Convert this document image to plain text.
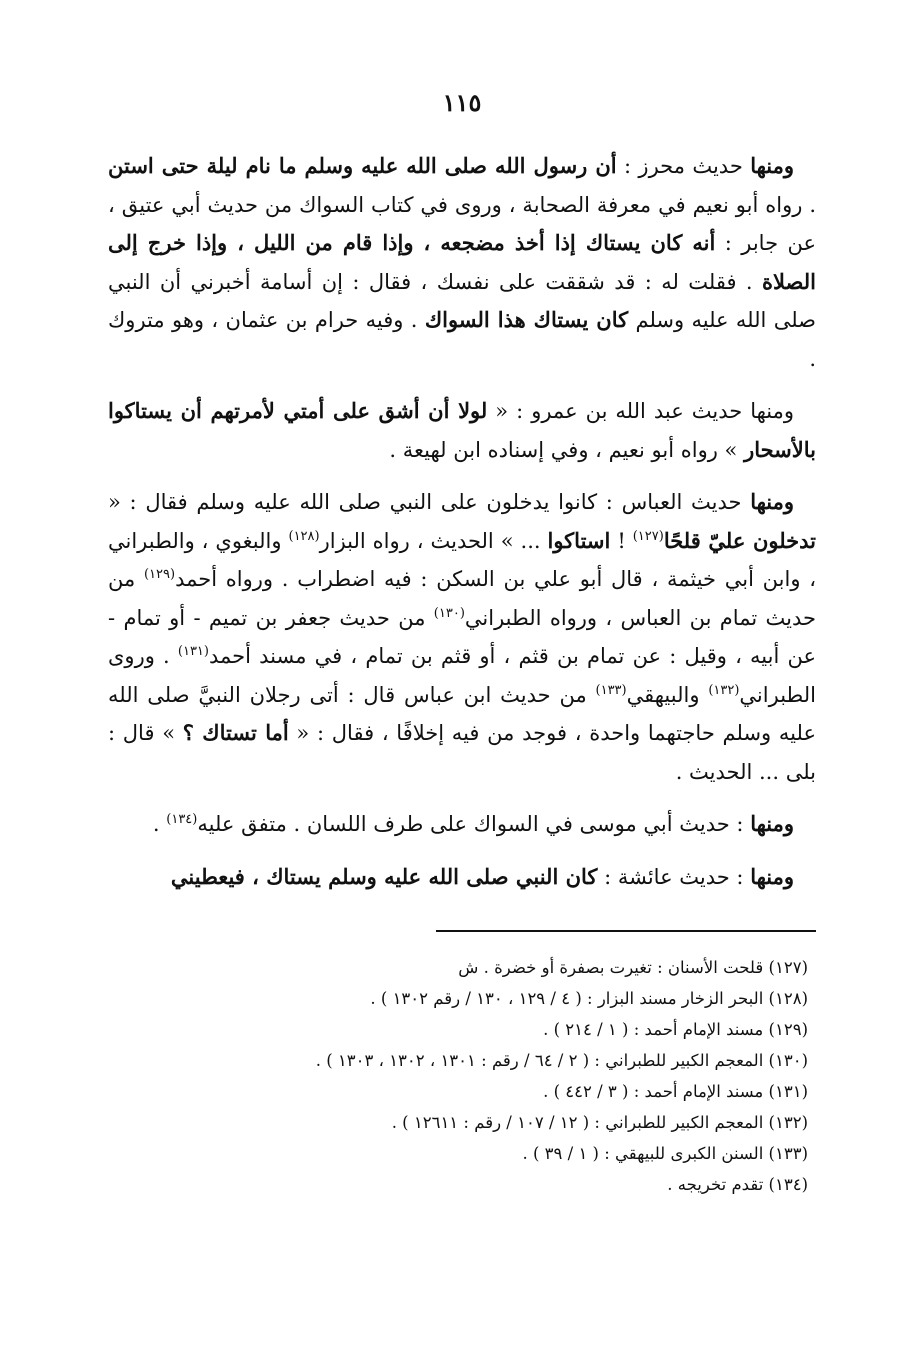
١١٥

ومنها حديث محرز : أن رسول الله صلى الله عليه وسلم ما نام ليلة حتى استن . رواه أبو نعيم في معرفة الصحابة ، وروى في كتاب السواك من حديث أبي عتيق ، عن جابر : أنه كان يستاك إذا أخذ مضجعه ، وإذا قام من الليل ، وإذا خرج إلى الصلاة . فقلت له : قد شققت على نفسك ، فقال : إن أسامة أخبرني أن النبي صلى الله عليه وسلم كان يستاك هذا السواك . وفيه حرام بن عثمان ، وهو متروك .

ومنها حديث عبد الله بن عمرو : « لولا أن أشق على أمتي لأمرتهم أن يستاكوا بالأسحار » رواه أبو نعيم ، وفي إسناده ابن لهيعة .

ومنها حديث العباس : كانوا يدخلون على النبي صلى الله عليه وسلم فقال : « تدخلون عليّ قلحًا$^{(١٢٧)}$ ! استاكوا ... » الحديث ، رواه البزار$^{(١٢٨)}$ والبغوي ، والطبراني ، وابن أبي خيثمة ، قال أبو علي بن السكن : فيه اضطراب . ورواه أحمد$^{(١٢٩)}$ من حديث تمام بن العباس ، ورواه الطبراني$^{(١٣٠)}$ من حديث جعفر بن تميم - أو تمام - عن أبيه ، وقيل : عن تمام بن قثم ، أو قثم بن تمام ، في مسند أحمد$^{(١٣١)}$ . وروى الطبراني$^{(١٣٢)}$ والبيهقي$^{(١٣٣)}$ من حديث ابن عباس قال : أتى رجلان النبيَّ صلى الله عليه وسلم حاجتهما واحدة ، فوجد من فيه إخلافًا ، فقال : « أما تستاك ؟ » قال : بلى ... الحديث .

ومنها : حديث أبي موسى في السواك على طرف اللسان . متفق عليه$^{(١٣٤)}$ .

ومنها : حديث عائشة : كان النبي صلى الله عليه وسلم يستاك ، فيعطيني

(١٢٧) قلحت الأسنان : تغيرت بصفرة أو خضرة . ش

(١٢٨) البحر الزخار مسند البزار : ( ٤ / ١٢٩ ، ١٣٠ / رقم ١٣٠٢ ) .

(١٢٩) مسند الإمام أحمد : ( ١ / ٢١٤ ) .

(١٣٠) المعجم الكبير للطبراني : ( ٢ / ٦٤ / رقم : ١٣٠١ ، ١٣٠٢ ، ١٣٠٣ ) .

(١٣١) مسند الإمام أحمد : ( ٣ / ٤٤٢ ) .

(١٣٢) المعجم الكبير للطبراني : ( ١٢ / ١٠٧ / رقم : ١٢٦١١ ) .

(١٣٣) السنن الكبرى للبيهقي : ( ١ / ٣٩ ) .

(١٣٤) تقدم تخريجه .
